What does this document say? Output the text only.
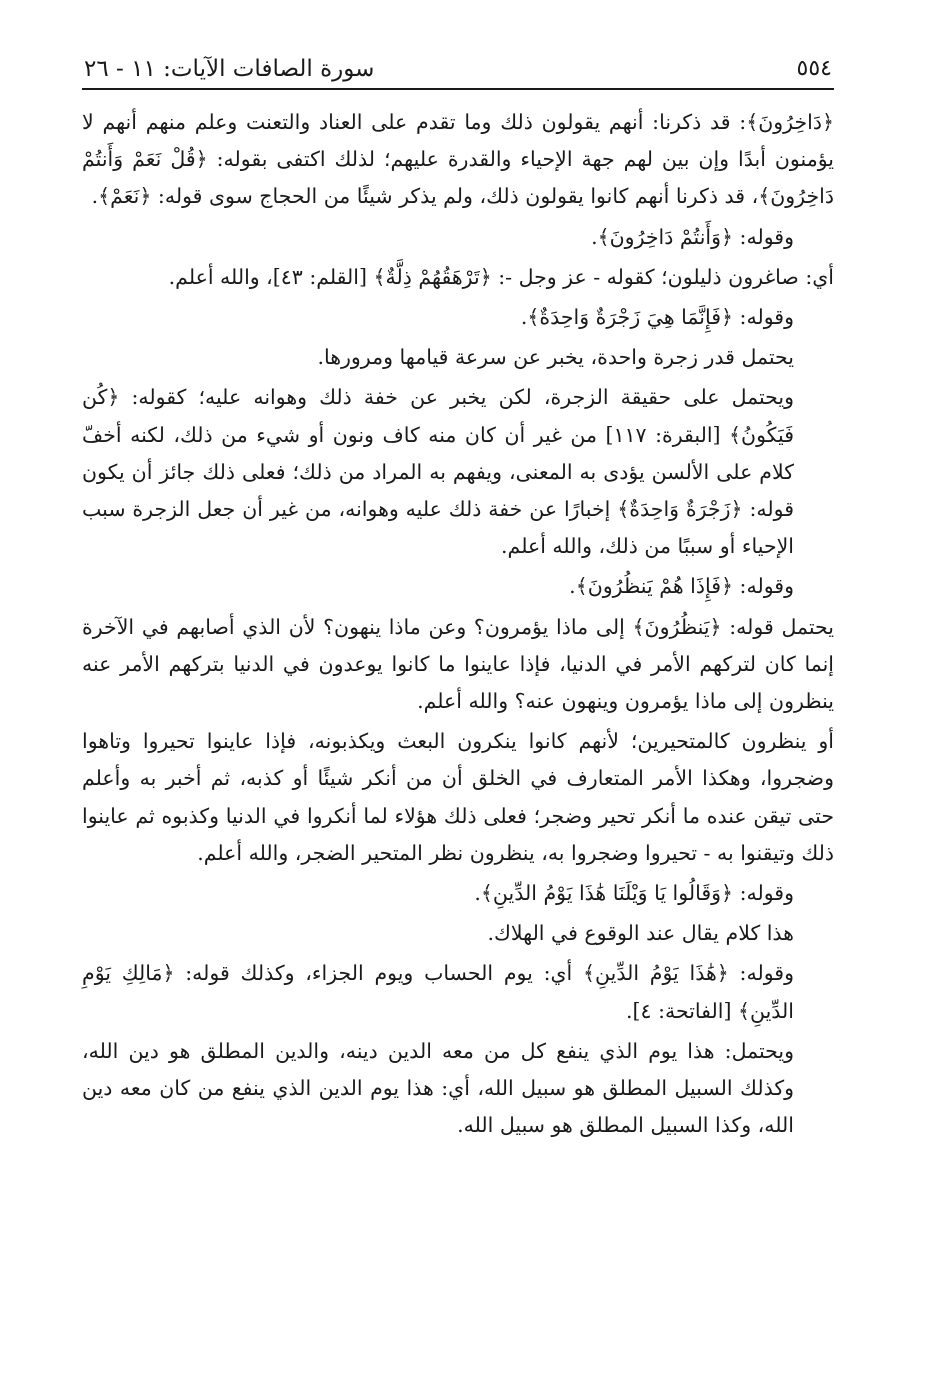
٥٥٤
سورة الصافات الآيات: ١١ - ٢٦

﴿دَاخِرُونَ﴾: قد ذكرنا: أنهم يقولون ذلك وما تقدم على العناد والتعنت وعلم منهم أنهم لا يؤمنون أبدًا وإن بين لهم جهة الإحياء والقدرة عليهم؛ لذلك اكتفى بقوله: ﴿قُلْ نَعَمْ وَأَنتُمْ دَاخِرُونَ﴾، قد ذكرنا أنهم كانوا يقولون ذلك، ولم يذكر شيئًا من الحجاج سوى قوله: ﴿نَعَمْ﴾.

وقوله: ﴿وَأَنتُمْ دَاخِرُونَ﴾.

أي: صاغرون ذليلون؛ كقوله - عز وجل -: ﴿تَرْهَقُهُمْ ذِلَّةٌ﴾ [القلم: ٤٣]، والله أعلم.

وقوله: ﴿فَإِنَّمَا هِيَ زَجْرَةٌ وَاحِدَةٌ﴾.

يحتمل قدر زجرة واحدة، يخبر عن سرعة قيامها ومرورها.

ويحتمل على حقيقة الزجرة، لكن يخبر عن خفة ذلك وهوانه عليه؛ كقوله: ﴿كُن فَيَكُونُ﴾ [البقرة: ١١٧] من غير أن كان منه كاف ونون أو شيء من ذلك، لكنه أخفّ كلام على الألسن يؤدى به المعنى، ويفهم به المراد من ذلك؛ فعلى ذلك جائز أن يكون قوله: ﴿زَجْرَةٌ وَاحِدَةٌ﴾ إخبارًا عن خفة ذلك عليه وهوانه، من غير أن جعل الزجرة سبب الإحياء أو سببًا من ذلك، والله أعلم.

وقوله: ﴿فَإِذَا هُمْ يَنظُرُونَ﴾.

يحتمل قوله: ﴿يَنظُرُونَ﴾ إلى ماذا يؤمرون؟ وعن ماذا ينهون؟ لأن الذي أصابهم في الآخرة إنما كان لتركهم الأمر في الدنيا، فإذا عاينوا ما كانوا يوعدون في الدنيا بتركهم الأمر عنه ينظرون إلى ماذا يؤمرون وينهون عنه؟ والله أعلم.

أو ينظرون كالمتحيرين؛ لأنهم كانوا ينكرون البعث ويكذبونه، فإذا عاينوا تحيروا وتاهوا وضجروا، وهكذا الأمر المتعارف في الخلق أن من أنكر شيئًا أو كذبه، ثم أخبر به وأعلم حتى تيقن عنده ما أنكر تحير وضجر؛ فعلى ذلك هؤلاء لما أنكروا في الدنيا وكذبوه ثم عاينوا ذلك وتيقنوا به - تحيروا وضجروا به، ينظرون نظر المتحير الضجر، والله أعلم.

وقوله: ﴿وَقَالُوا يَا وَيْلَنَا هَٰذَا يَوْمُ الدِّينِ﴾.

هذا كلام يقال عند الوقوع في الهلاك.

وقوله: ﴿هَٰذَا يَوْمُ الدِّينِ﴾ أي: يوم الحساب ويوم الجزاء، وكذلك قوله: ﴿مَالِكِ يَوْمِ الدِّينِ﴾ [الفاتحة: ٤].

ويحتمل: هذا يوم الذي ينفع كل من معه الدين دينه، والدين المطلق هو دين الله، وكذلك السبيل المطلق هو سبيل الله، أي: هذا يوم الدين الذي ينفع من كان معه دين الله، وكذا السبيل المطلق هو سبيل الله.
